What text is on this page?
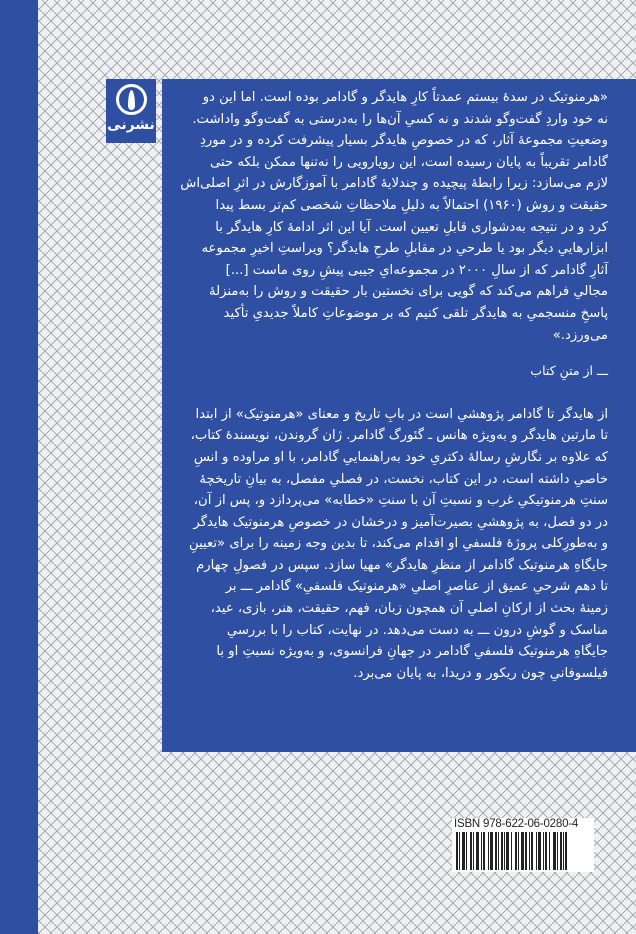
نشرنی

«هرمنوتیک در سدهٔ بیستم عمدتاً کارِ هایدگر و گادامر بوده است. اما این دو

نه خود واردِ گفت‌وگو شدند و نه کسیِ آن‌ها را به‌درستی به گفت‌وگو واداشت.

وضعیتِ مجموعهٔ آثار، که در خصوصِ هایدگر بسیار پیشرفت کرده و در موردِ

گادامر تقریباً به پایان رسیده است، این رویارویی را نه‌تنها ممکن بلکه حتی

لازم می‌سازد: زیرا رابطهٔ پیچیده و چندلایهٔ گادامر با آموزگارش در اثرِ اصلی‌اش

حقیقت و روش (۱۹۶۰) احتمالاً به دلیلِ ملاحظاتِ شخصی کم‌تر بسط پیدا

کرد و در نتیجه به‌دشواری قابلِ تعیین است. آیا این اثر ادامهٔ کارِ هایدگر با

ابزارهاییِ دیگر بود یا طرحیِ در مقابلِ طرحِ هایدگر؟ ویراستِ اخیرِ مجموعه

آثارِ گادامر که از سالِ ۲۰۰۰ در مجموعه‌ایِ جیبی پیشِ روی ماست [...]

مجالیِ فراهم می‌کند که گویی برای نخستین بار حقیقت و روش را به‌منزلهٔ

پاسخِ منسجمیِ به هایدگر تلقی کنیم که بر موضوعاتِ کاملاً جدیدیِ تأکید

می‌ورزد.»

ـــ از متنِ کتاب

از هایدگر تا گادامر پژوهشیِ است در بابِ تاریخ و معنای «هرمنوتیک» از ابتدا

تا مارتین هایدگر و به‌ویژه هانس ـ گئورگ گادامر. ژان گروندن، نویسندهٔ کتاب،

که علاوه بر نگارشِ رسالهٔ دکتریِ خود به‌راهنماییِ گادامر، با او مراوده و انسِ

خاصیِ داشته است، در این کتاب، نخست، در فصلیِ مفصل، به بیانِ تاریخچهٔ

سنتِ هرمنوتیکیِ غرب و نسبتِ آن با سنتِ «خطابه» می‌پردازد و، پس از آن،

در دو فصل، به پژوهشیِ بصیرت‌آمیز و درخشان در خصوصِ هرمنوتیک هایدگر

و به‌طورِکلی پروژهٔ فلسفیِ او اقدام می‌کند، تا بدین وجه زمینه را برای «تعیینِ

جایگاهِ هرمنوتیک گادامر از منظرِ هایدگر» مهیا سازد. سپس در فصولِ چهارم

تا دهم شرحیِ عمیق از عناصرِ اصلیِ «هرمنوتیک فلسفیِ» گادامر ـــ بر

زمینهٔ بحث از ارکانِ اصلیِ آن همچون زبان، فهم، حقیقت، هنر، بازی، عید،

مناسک و گوشِ درون ـــ به دست می‌دهد. در نهایت، کتاب را با بررسیِ

جایگاهِ هرمنوتیک فلسفیِ گادامر در جهانِ فرانسوی، و به‌ویژه نسبتِ او با

فیلسوفانیِ چون ریکور و دریدا، به پایان می‌برد.

ISBN 978-622-06-0280-4
